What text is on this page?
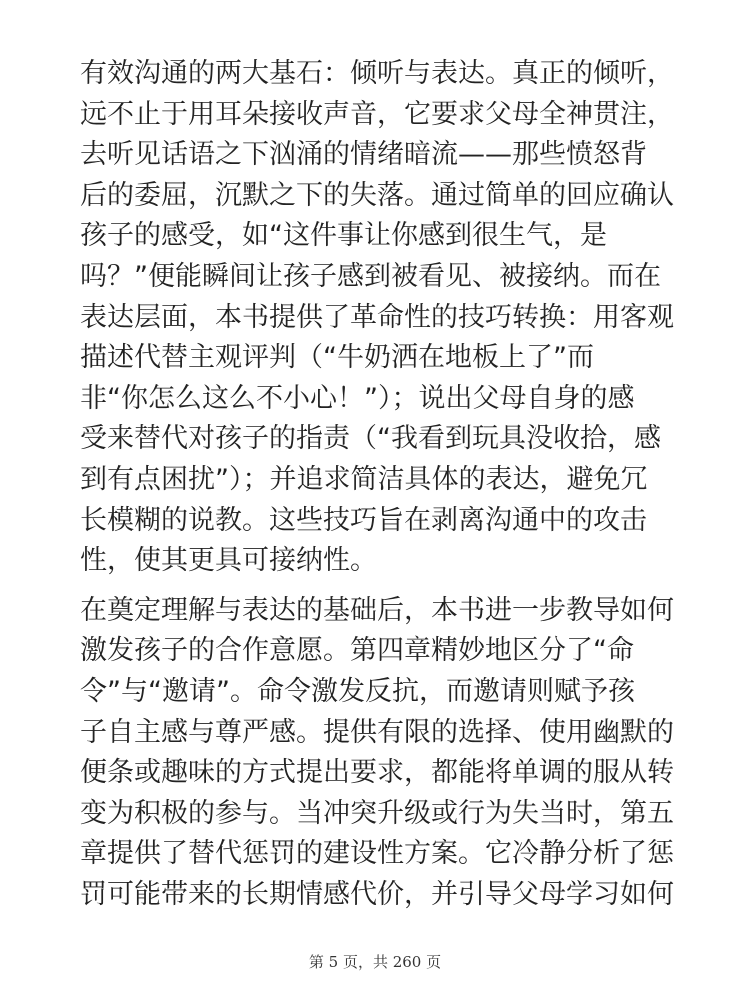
有效沟通的两大基石：倾听与表达。真正的倾听，
远不止于用耳朵接收声音，它要求父母全神贯注，
去听见话语之下汹涌的情绪暗流——那些愤怒背
后的委屈，沉默之下的失落。通过简单的回应确认
孩子的感受，如“这件事让你感到很生气，是
吗？”便能瞬间让孩子感到被看见、被接纳。而在
表达层面，本书提供了革命性的技巧转换：用客观
描述代替主观评判（“牛奶洒在地板上了”而
非“你怎么这么不小心！”）；说出父母自身的感
受来替代对孩子的指责（“我看到玩具没收拾，感
到有点困扰”）；并追求简洁具体的表达，避免冗
长模糊的说教。这些技巧旨在剥离沟通中的攻击
性，使其更具可接纳性。
在奠定理解与表达的基础后，本书进一步教导如何
激发孩子的合作意愿。第四章精妙地区分了“命
令”与“邀请”。命令激发反抗，而邀请则赋予孩
子自主感与尊严感。提供有限的选择、使用幽默的
便条或趣味的方式提出要求，都能将单调的服从转
变为积极的参与。当冲突升级或行为失当时，第五
章提供了替代惩罚的建设性方案。它冷静分析了惩
罚可能带来的长期情感代价，并引导父母学习如何
第 5 页，共 260 页
